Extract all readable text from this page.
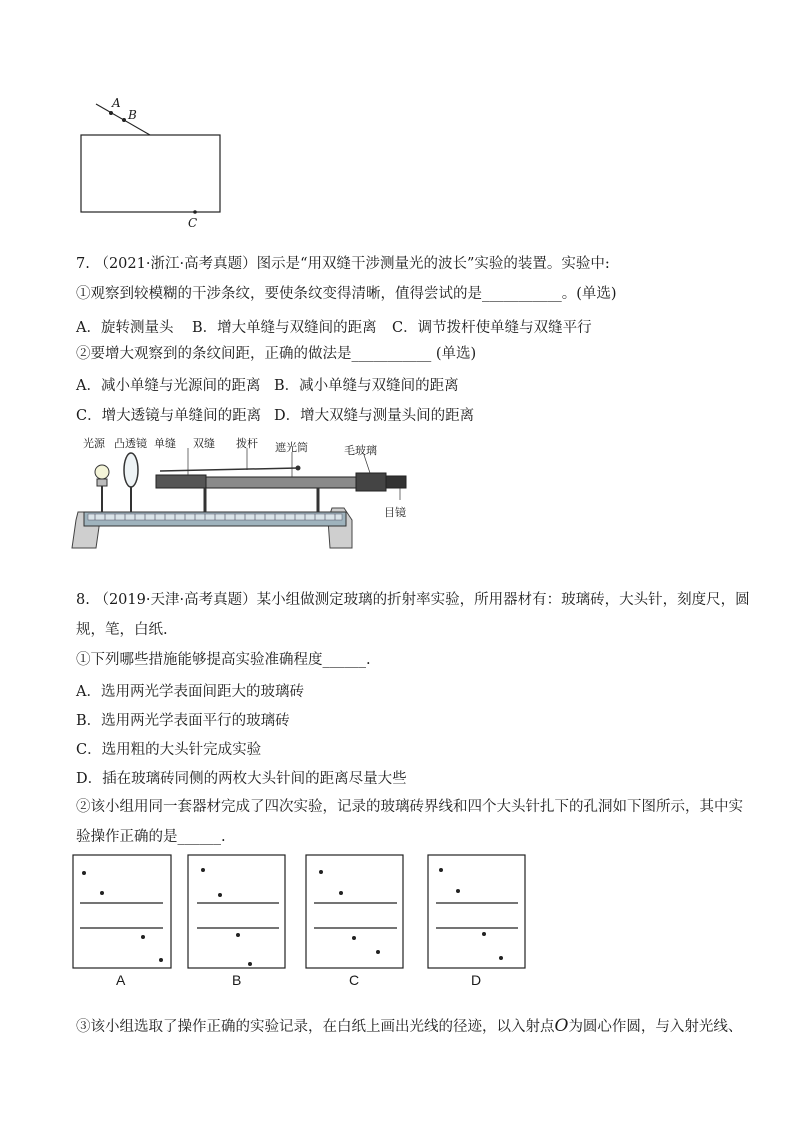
A
B
C
7. （2021·浙江·高考真题）图示是“用双缝干涉测量光的波长”实验的装置。实验中:
①观察到较模糊的干涉条纹，要使条纹变得清晰，值得尝试的是___________。(单选)
A．旋转测量头 B．增大单缝与双缝间的距离 C．调节拨杆使单缝与双缝平行
②要增大观察到的条纹间距，正确的做法是___________ (单选)
A．减小单缝与光源间的距离 B．减小单缝与双缝间的距离
C．增大透镜与单缝间的距离 D．增大双缝与测量头间的距离
光源 凸透镜 单缝 双缝 拨杆 遮光筒	毛玻璃
目镜
8. （2019·天津·高考真题）某小组做测定玻璃的折射率实验，所用器材有：玻璃砖，大头针，刻度尺，圆
规，笔，白纸.
①下列哪些措施能够提高实验准确程度______.
A．选用两光学表面间距大的玻璃砖
B．选用两光学表面平行的玻璃砖
C．选用粗的大头针完成实验
D．插在玻璃砖同侧的两枚大头针间的距离尽量大些
②该小组用同一套器材完成了四次实验，记录的玻璃砖界线和四个大头针扎下的孔洞如下图所示，其中实
验操作正确的是______.
A	B	C	D
③该小组选取了操作正确的实验记录，在白纸上画出光线的径迹，以入射点O为圆心作圆，与入射光线、
